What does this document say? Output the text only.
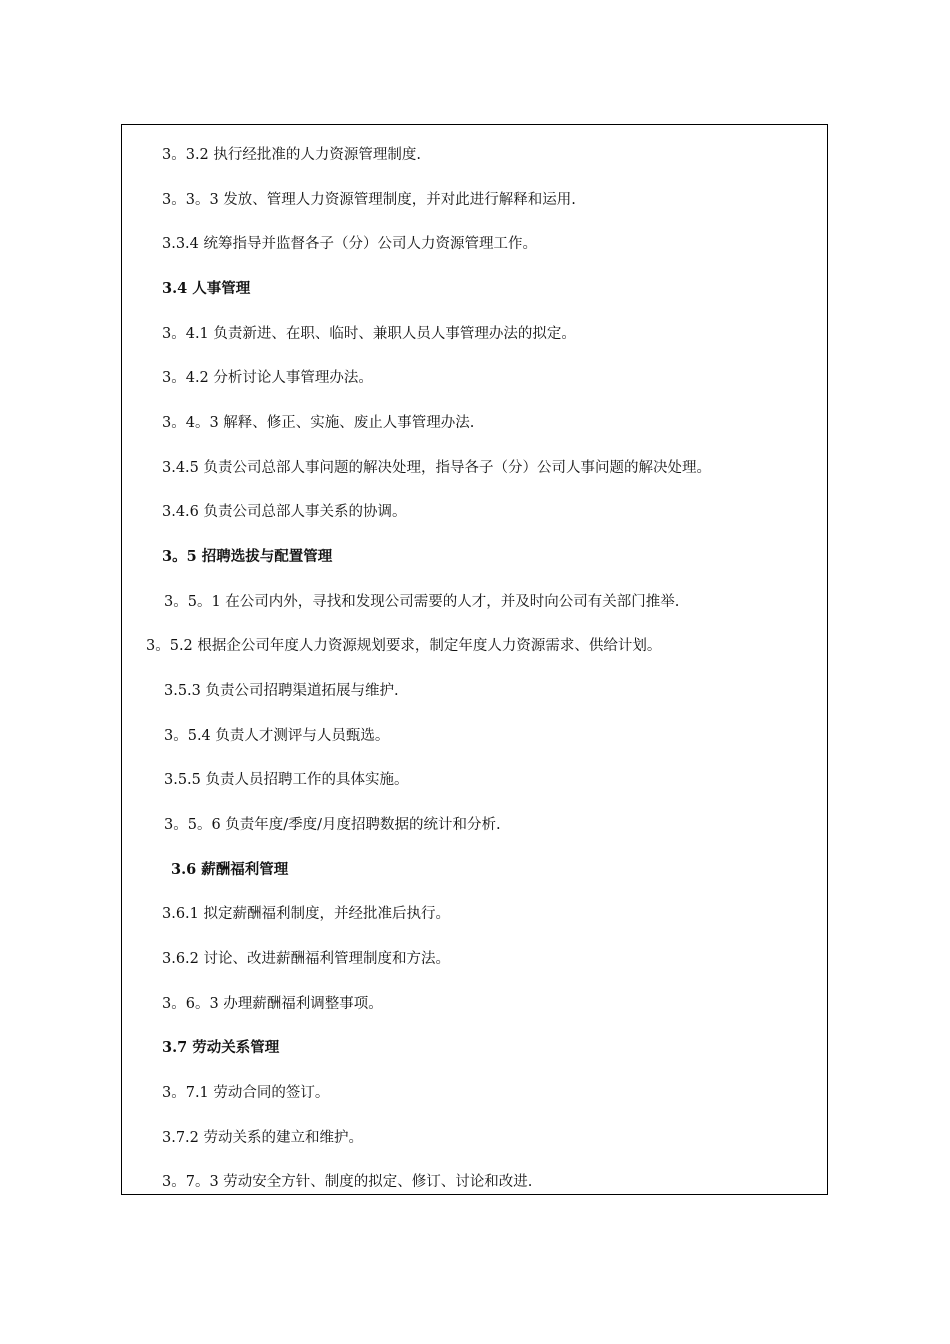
3。3.2 执行经批准的人力资源管理制度.
3。3。3 发放、管理人力资源管理制度，并对此进行解释和运用.
3.3.4 统筹指导并监督各子（分）公司人力资源管理工作。
3.4 人事管理
3。4.1 负责新进、在职、临时、兼职人员人事管理办法的拟定。
3。4.2 分析讨论人事管理办法。
3。4。3 解释、修正、实施、废止人事管理办法.
3.4.5 负责公司总部人事问题的解决处理，指导各子（分）公司人事问题的解决处理。
3.4.6 负责公司总部人事关系的协调。
3。5 招聘选拔与配置管理
3。5。1 在公司内外，寻找和发现公司需要的人才，并及时向公司有关部门推举.
3。5.2 根据企公司年度人力资源规划要求，制定年度人力资源需求、供给计划。
3.5.3 负责公司招聘渠道拓展与维护.
3。5.4 负责人才测评与人员甄选。
3.5.5 负责人员招聘工作的具体实施。
3。5。6 负责年度/季度/月度招聘数据的统计和分析.
3.6 薪酬福利管理
3.6.1 拟定薪酬福利制度，并经批准后执行。
3.6.2 讨论、改进薪酬福利管理制度和方法。
3。6。3 办理薪酬福利调整事项。
3.7 劳动关系管理
3。7.1 劳动合同的签订。
3.7.2 劳动关系的建立和维护。
3。7。3 劳动安全方针、制度的拟定、修订、讨论和改进.
